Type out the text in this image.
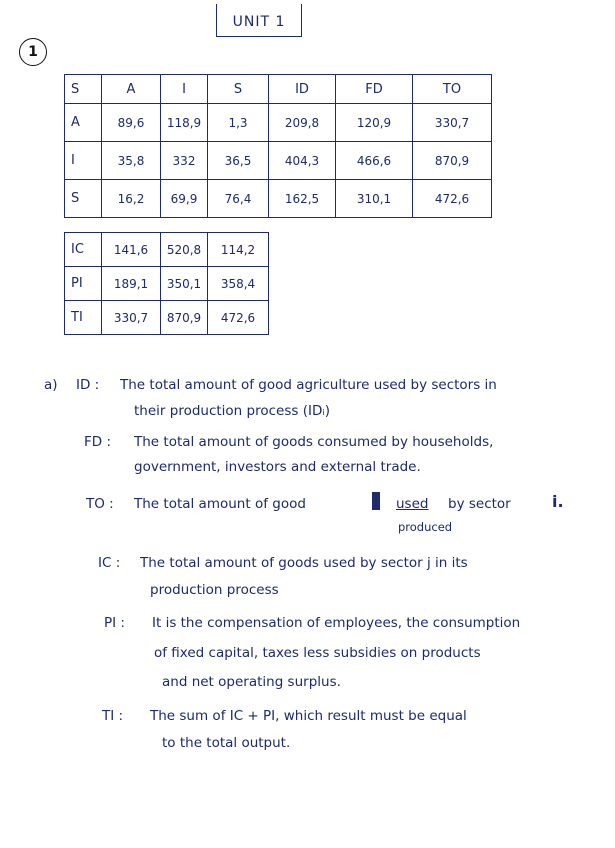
UNIT 1
1
S	A	I	S	ID	FD	TO
A	89,6	118,9	1,3	209,8	120,9	330,7
I	35,8	332	36,5	404,3	466,6	870,9
S	16,2	69,9	76,4	162,5	310,1	472,6
IC	141,6	520,8	114,2
PI	189,1	350,1	358,4
TI	330,7	870,9	472,6
a) ID : The total amount of good agriculture used by sectors in
their production process (IDᵢ)
FD : The total amount of goods consumed by households,
government, investors and external trade.
TO : The total amount of good	used by sector	i.
produced
IC : The total amount of goods used by sector j in its
production process
PI : It is the compensation of employees, the consumption
of fixed capital, taxes less subsidies on products
and net operating surplus.
TI : The sum of IC + PI, which result must be equal
to the total output.
